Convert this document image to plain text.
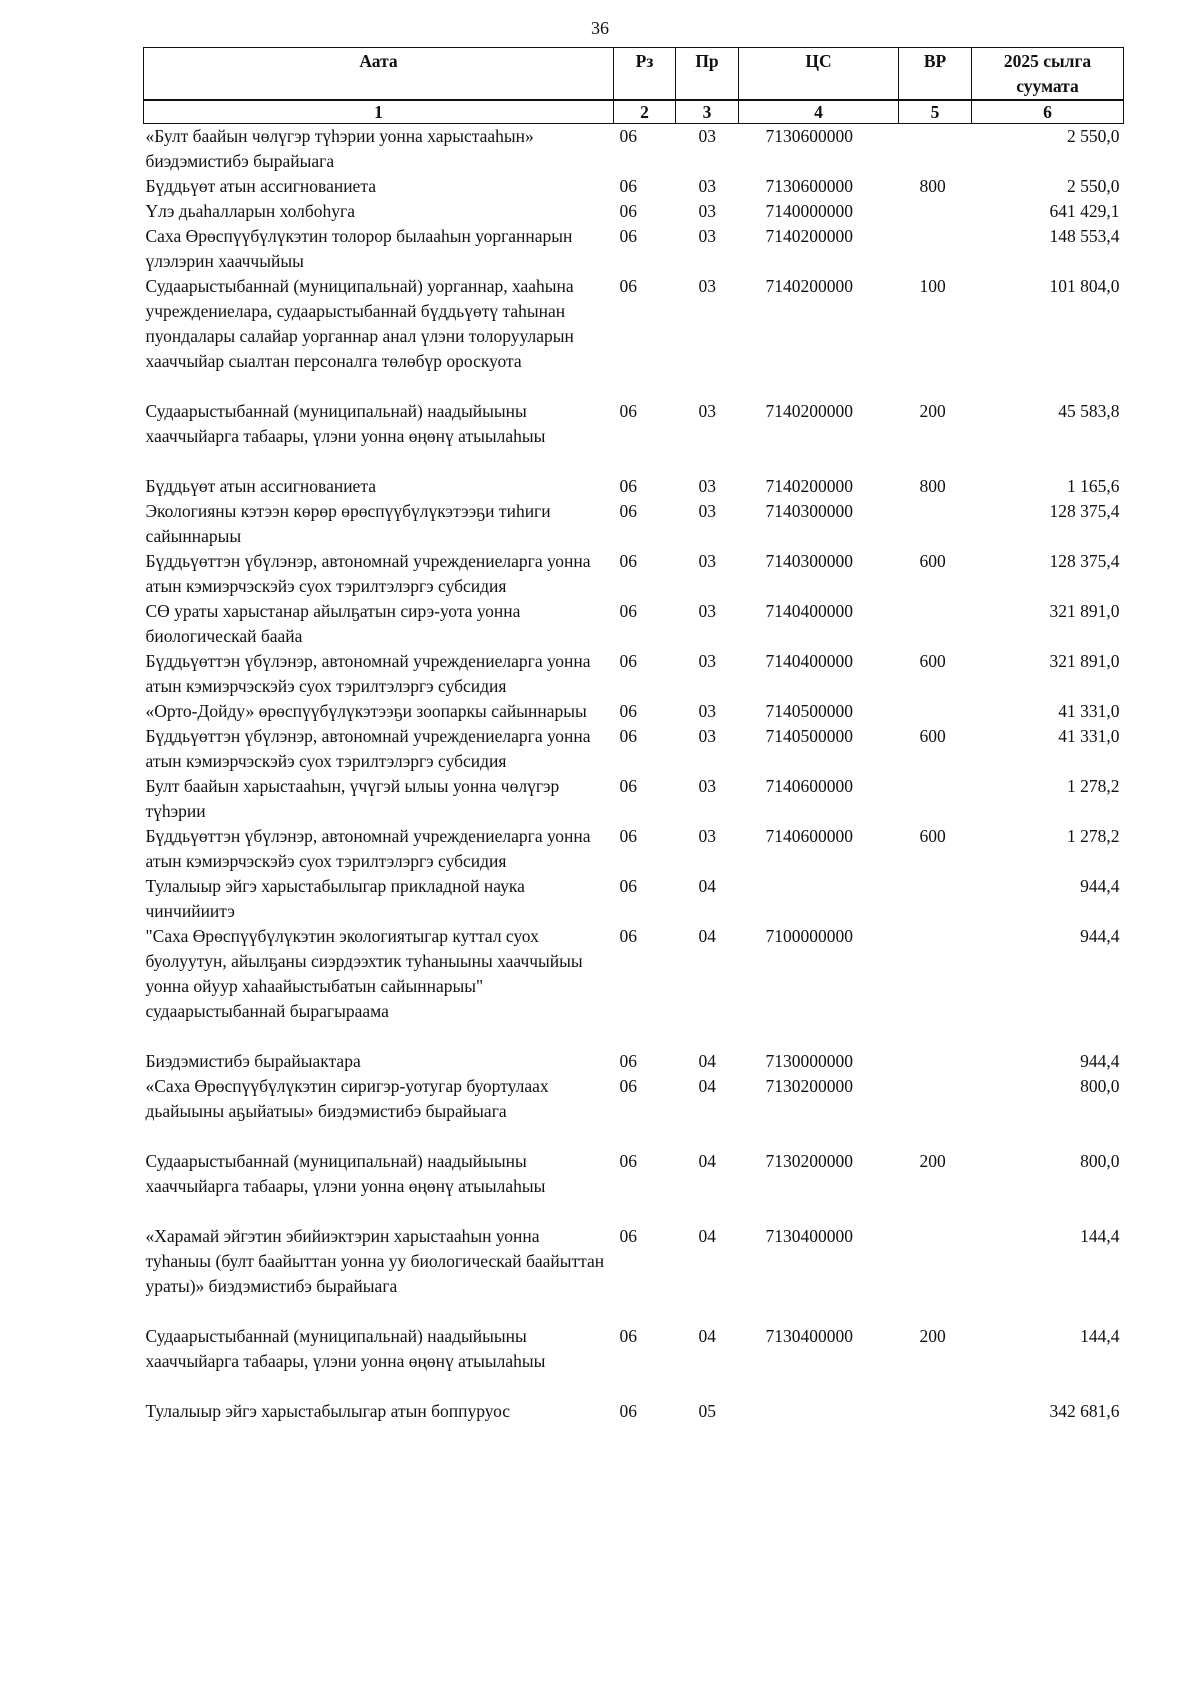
36
Аата	Рз	Пр	ЦС	ВР	2025 сылга суумата
1	2	3	4	5	6
«Булт баайын чөлүгэр түһэрии уонна харыстааһын» биэдэмистибэ бырайыага	06	03	7130600000		2 550,0
Бүддьүөт атын ассигнованиета	06	03	7130600000	800	2 550,0
Үлэ дьаһалларын холбоһуга	06	03	7140000000		641 429,1
Саха Өрөспүүбүлүкэтин толорор былааһын уорганнарын үлэлэрин хааччыйыы	06	03	7140200000		148 553,4
Судаарыстыбаннай (муниципальнай) уорганнар, хааһына учреждениелара, судаарыстыбаннай бүддьүөтү таһынан пуондалары салайар уорганнар анал үлэни толорууларын хааччыйар сыалтан персоналга төлөбүр ороскуота	06	03	7140200000	100	101 804,0
Судаарыстыбаннай (муниципальнай) наадыйыыны хааччыйарга табаары, үлэни уонна өңөнү атыылаһыы	06	03	7140200000	200	45 583,8
Бүддьүөт атын ассигнованиета	06	03	7140200000	800	1 165,6
Экологияны кэтээн көрөр өрөспүүбүлүкэтээҕи тиһиги сайыннарыы	06	03	7140300000		128 375,4
Бүддьүөттэн үбүлэнэр, автономнай учреждениеларга уонна атын кэмиэрчэскэйэ суох тэрилтэлэргэ субсидия	06	03	7140300000	600	128 375,4
СӨ ураты харыстанар айылҕатын сирэ-уота уонна биологическай баайа	06	03	7140400000		321 891,0
Бүддьүөттэн үбүлэнэр, автономнай учреждениеларга уонна атын кэмиэрчэскэйэ суох тэрилтэлэргэ субсидия	06	03	7140400000	600	321 891,0
«Орто-Дойду» өрөспүүбүлүкэтээҕи зоопаркы сайыннарыы	06	03	7140500000		41 331,0
Бүддьүөттэн үбүлэнэр, автономнай учреждениеларга уонна атын кэмиэрчэскэйэ суох тэрилтэлэргэ субсидия	06	03	7140500000	600	41 331,0
Булт баайын харыстааһын, үчүгэй ылыы уонна чөлүгэр түһэрии	06	03	7140600000		1 278,2
Бүддьүөттэн үбүлэнэр, автономнай учреждениеларга уонна атын кэмиэрчэскэйэ суох тэрилтэлэргэ субсидия	06	03	7140600000	600	1 278,2
Тулалыыр эйгэ харыстабылыгар прикладной наука чинчийиитэ	06	04			944,4
"Саха Өрөспүүбүлүкэтин экологиятыгар куттал суох буолуутун, айылҕаны сиэрдээхтик туһаныыны хааччыйыы уонна ойуур хаһаайыстыбатын сайыннарыы" судаарыстыбаннай бырагыраама	06	04	7100000000		944,4
Биэдэмистибэ бырайыактара	06	04	7130000000		944,4
«Саха Өрөспүүбүлүкэтин сиригэр-уотугар буортулаах дьайыыны аҕыйатыы» биэдэмистибэ бырайыага	06	04	7130200000		800,0
Судаарыстыбаннай (муниципальнай) наадыйыыны хааччыйарга табаары, үлэни уонна өңөнү атыылаһыы	06	04	7130200000	200	800,0
«Харамай эйгэтин эбийиэктэрин харыстааһын уонна туһаныы (булт баайыттан уонна уу биологическай баайыттан ураты)» биэдэмистибэ бырайыага	06	04	7130400000		144,4
Судаарыстыбаннай (муниципальнай) наадыйыыны хааччыйарга табаары, үлэни уонна өңөнү атыылаһыы	06	04	7130400000	200	144,4
Тулалыыр эйгэ харыстабылыгар атын боппуруос	06	05			342 681,6
